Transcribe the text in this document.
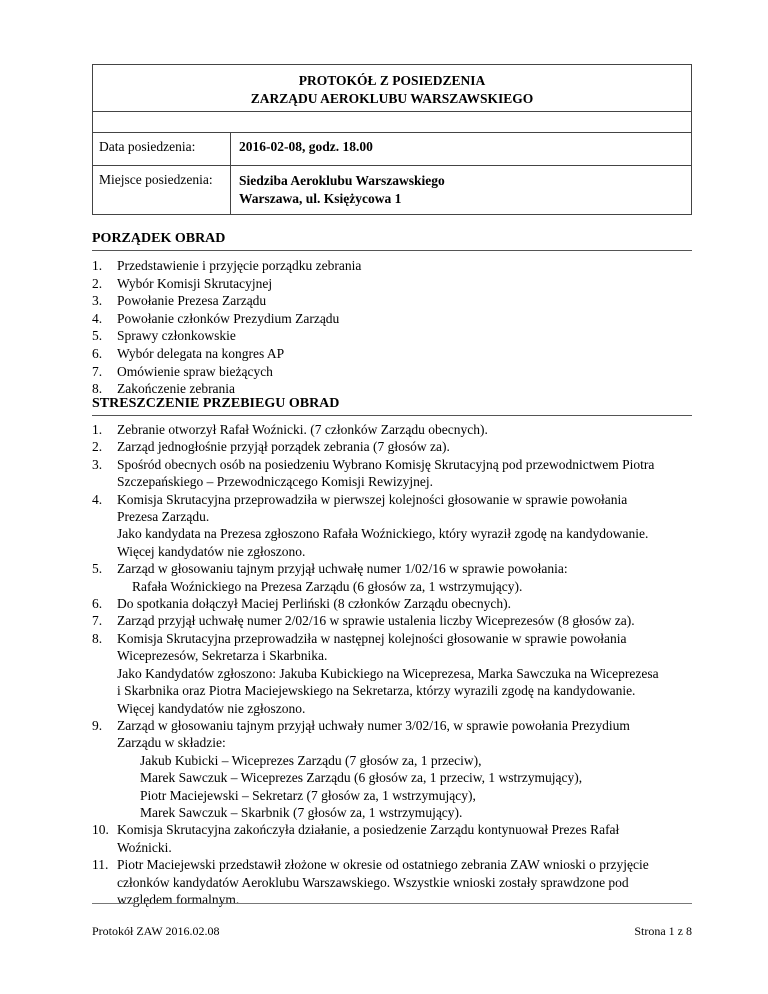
PROTOKÓŁ Z POSIEDZENIA
ZARZĄDU AEROKLUBU WARSZAWSKIEGO	

Data posiedzenia:	2016-02-08, godz. 18.00
Miejsce posiedzenia:	Siedziba Aeroklubu Warszawskiego
Warszawa, ul. Księżycowa 1
PORZĄDEK OBRAD
1.	Przedstawienie i przyjęcie porządku zebrania
2.	Wybór Komisji Skrutacyjnej
3.	Powołanie Prezesa Zarządu
4.	Powołanie członków Prezydium Zarządu
5.	Sprawy członkowskie
6.	Wybór delegata na kongres AP
7.	Omówienie spraw bieżących
8.	Zakończenie zebrania
STRESZCZENIE PRZEBIEGU OBRAD
1.	Zebranie otworzył Rafał Woźnicki. (7 członków Zarządu obecnych).
2.	Zarząd jednogłośnie przyjął porządek zebrania (7 głosów za).
3.	Spośród obecnych osób na posiedzeniu Wybrano Komisję Skrutacyjną pod przewodnictwem Piotra
Szczepańskiego – Przewodniczącego Komisji Rewizyjnej.
4.	Komisja Skrutacyjna przeprowadziła w pierwszej kolejności głosowanie w sprawie powołania
Prezesa Zarządu.
Jako kandydata na Prezesa zgłoszono Rafała Woźnickiego, który wyraził zgodę na kandydowanie.
Więcej kandydatów nie zgłoszono.
5.	Zarząd w głosowaniu tajnym przyjął uchwałę numer 1/02/16 w sprawie powołania:
Rafała Woźnickiego na Prezesa Zarządu (6 głosów za, 1 wstrzymujący).
6.	Do spotkania dołączył Maciej Perliński (8 członków Zarządu obecnych).
7.	Zarząd przyjął uchwałę numer 2/02/16 w sprawie ustalenia liczby Wiceprezesów (8 głosów za).
8.	Komisja Skrutacyjna przeprowadziła w następnej kolejności głosowanie w sprawie powołania
Wiceprezesów, Sekretarza i Skarbnika.
Jako Kandydatów zgłoszono: Jakuba Kubickiego na Wiceprezesa, Marka Sawczuka na Wiceprezesa
i Skarbnika oraz Piotra Maciejewskiego na Sekretarza, którzy wyrazili zgodę na kandydowanie.
Więcej kandydatów nie zgłoszono.
9.	Zarząd w głosowaniu tajnym przyjął uchwały numer 3/02/16, w sprawie powołania Prezydium
Zarządu w składzie:
Jakub Kubicki – Wiceprezes Zarządu (7 głosów za, 1 przeciw),
Marek Sawczuk – Wiceprezes Zarządu (6 głosów za, 1 przeciw, 1 wstrzymujący),
Piotr Maciejewski – Sekretarz (7 głosów za, 1 wstrzymujący),
Marek Sawczuk – Skarbnik (7 głosów za, 1 wstrzymujący).
10. Komisja Skrutacyjna zakończyła działanie, a posiedzenie Zarządu kontynuował Prezes Rafał
Woźnicki.
11. Piotr Maciejewski przedstawił złożone w okresie od ostatniego zebrania ZAW wnioski o przyjęcie
członków kandydatów Aeroklubu Warszawskiego. Wszystkie wnioski zostały sprawdzone pod
względem formalnym.
Protokół ZAW 2016.02.08	Strona 1 z 8
